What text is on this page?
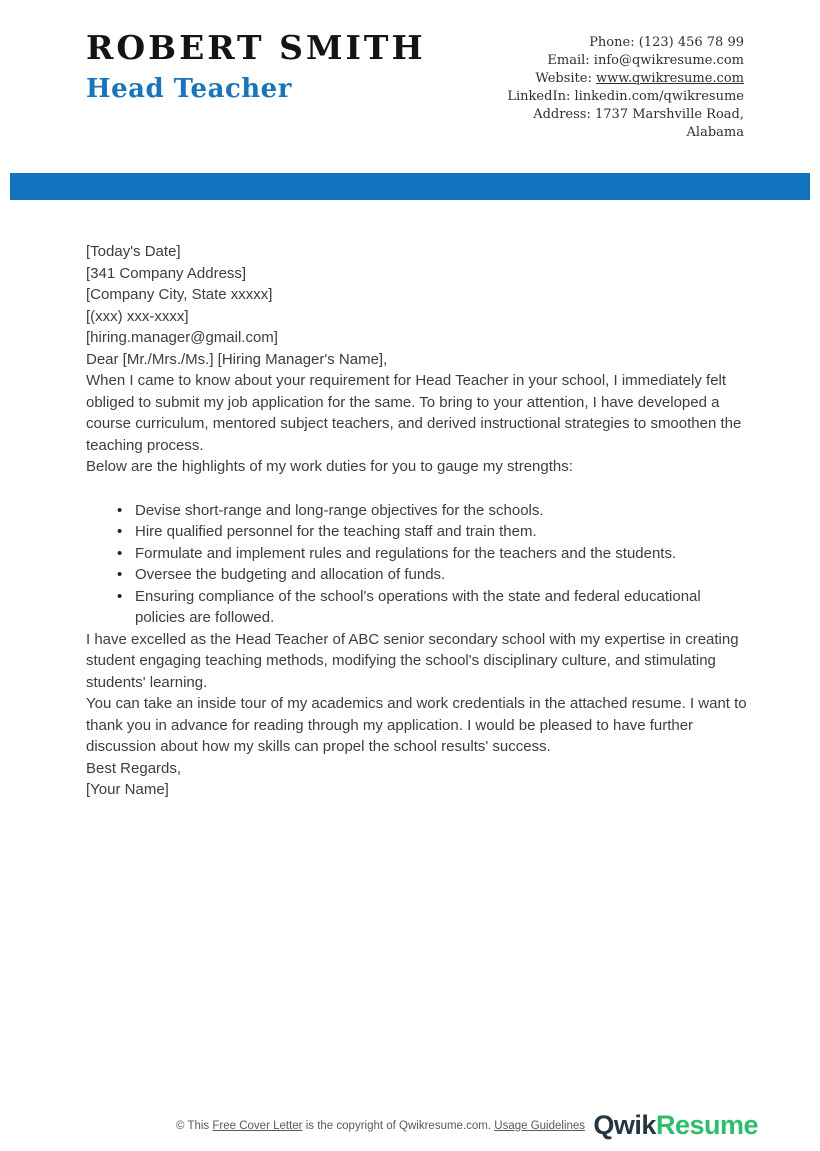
ROBERT SMITH
Head Teacher
Phone: (123) 456 78 99
Email: info@qwikresume.com
Website: www.qwikresume.com
LinkedIn: linkedin.com/qwikresume
Address: 1737 Marshville Road, Alabama

[Today's Date]

[341 Company Address]

[Company City, State xxxxx]

[(xxx) xxx-xxxx]

[hiring.manager@gmail.com]

Dear [Mr./Mrs./Ms.] [Hiring Manager's Name],

When I came to know about your requirement for Head Teacher in your school, I immediately felt obliged to submit my job application for the same. To bring to your attention, I have developed a course curriculum, mentored subject teachers, and derived instructional strategies to smoothen the teaching process.

Below are the highlights of my work duties for you to gauge my strengths:

• Devise short-range and long-range objectives for the schools.
• Hire qualified personnel for the teaching staff and train them.
• Formulate and implement rules and regulations for the teachers and the students.
• Oversee the budgeting and allocation of funds.
• Ensuring compliance of the school's operations with the state and federal educational policies are followed.

I have excelled as the Head Teacher of ABC senior secondary school with my expertise in creating student engaging teaching methods, modifying the school's disciplinary culture, and stimulating students' learning.

You can take an inside tour of my academics and work credentials in the attached resume. I want to thank you in advance for reading through my application. I would be pleased to have further discussion about how my skills can propel the school results' success.

Best Regards,
[Your Name]

© This Free Cover Letter is the copyright of Qwikresume.com. Usage Guidelines QwikResume
